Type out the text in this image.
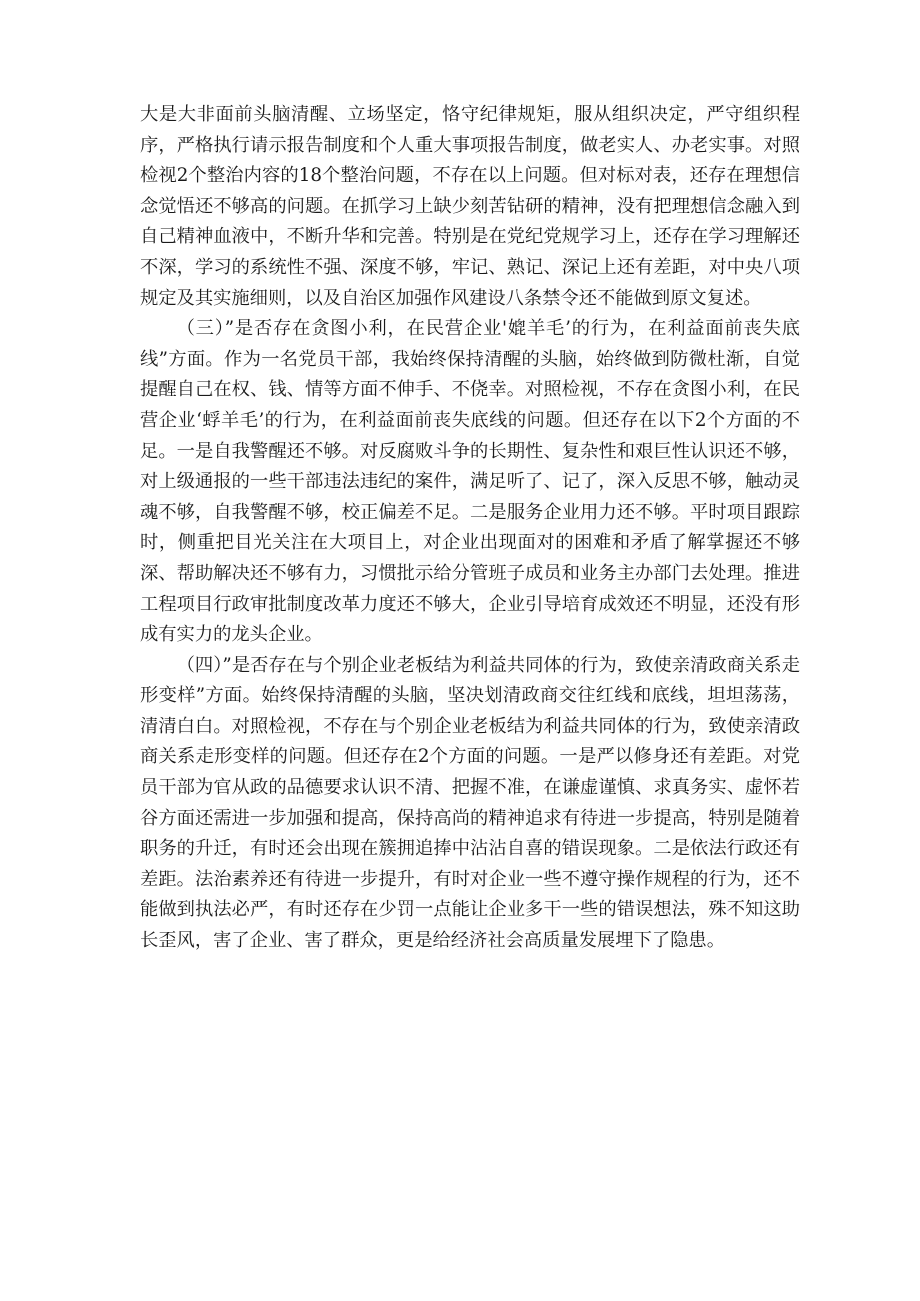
大是大非面前头脑清醒、立场坚定，恪守纪律规矩，服从组织决定，严守组织程序，严格执行请示报告制度和个人重大事项报告制度，做老实人、办老实事。对照检视2个整治内容的18个整治问题，不存在以上问题。但对标对表，还存在理想信念觉悟还不够高的问题。在抓学习上缺少刻苦钻研的精神，没有把理想信念融入到自己精神血液中，不断升华和完善。特别是在党纪党规学习上，还存在学习理解还不深，学习的系统性不强、深度不够，牢记、熟记、深记上还有差距，对中央八项规定及其实施细则，以及自治区加强作风建设八条禁令还不能做到原文复述。

（三）”是否存在贪图小利，在民营企业'媲羊毛’的行为，在利益面前丧失底线”方面。作为一名党员干部，我始终保持清醒的头脑，始终做到防微杜渐，自觉提醒自己在权、钱、情等方面不伸手、不侥幸。对照检视，不存在贪图小利，在民营企业‘蜉羊毛’的行为，在利益面前丧失底线的问题。但还存在以下2个方面的不足。一是自我警醒还不够。对反腐败斗争的长期性、复杂性和艰巨性认识还不够，对上级通报的一些干部违法违纪的案件，满足听了、记了，深入反思不够，触动灵魂不够，自我警醒不够，校正偏差不足。二是服务企业用力还不够。平时项目跟踪时，侧重把目光关注在大项目上，对企业出现面对的困难和矛盾了解掌握还不够深、帮助解决还不够有力，习惯批示给分管班子成员和业务主办部门去处理。推进工程项目行政审批制度改革力度还不够大，企业引导培育成效还不明显，还没有形成有实力的龙头企业。

（四）”是否存在与个别企业老板结为利益共同体的行为，致使亲清政商关系走形变样”方面。始终保持清醒的头脑，坚决划清政商交往红线和底线，坦坦荡荡，清清白白。对照检视，不存在与个别企业老板结为利益共同体的行为，致使亲清政商关系走形变样的问题。但还存在2个方面的问题。一是严以修身还有差距。对党员干部为官从政的品德要求认识不清、把握不准，在谦虚谨慎、求真务实、虚怀若谷方面还需进一步加强和提高，保持高尚的精神追求有待进一步提高，特别是随着职务的升迁，有时还会出现在簇拥追捧中沾沾自喜的错误现象。二是依法行政还有差距。法治素养还有待进一步提升，有时对企业一些不遵守操作规程的行为，还不能做到执法必严，有时还存在少罚一点能让企业多干一些的错误想法，殊不知这助长歪风，害了企业、害了群众，更是给经济社会高质量发展埋下了隐患。
